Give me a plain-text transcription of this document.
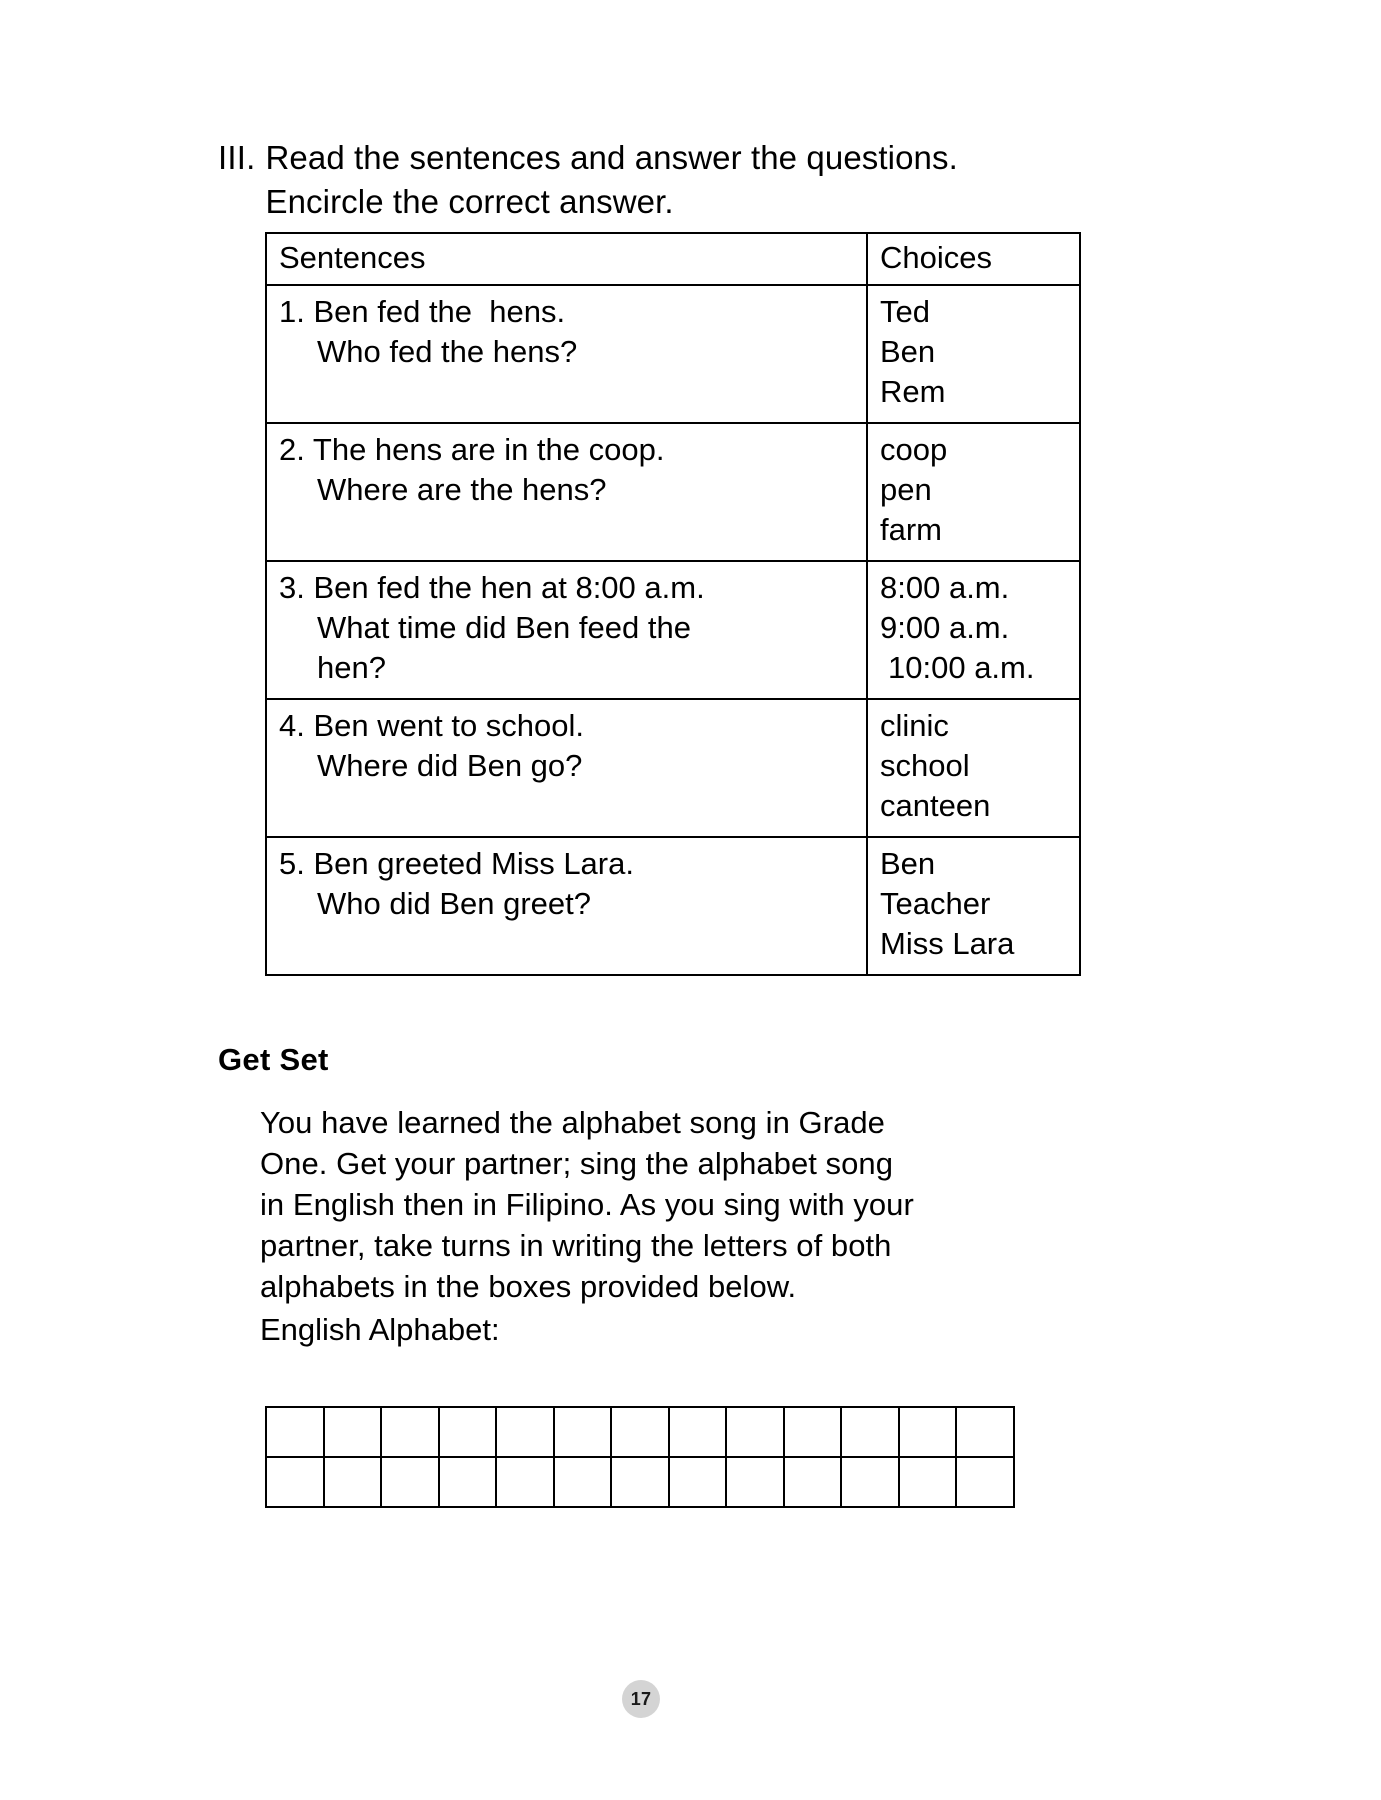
III. Read the sentences and answer the questions.
Encircle the correct answer.
Sentences	Choices

1. Ben fed the  hens.
Who fed the hens?	Ted
Ben
Rem

2. The hens are in the coop.
Where are the hens?	coop
pen
farm

3. Ben fed the hen at 8:00 a.m.
What time did Ben feed the
hen?	8:00 a.m.
9:00 a.m.
10:00 a.m.

4. Ben went to school.
Where did Ben go?	clinic
school
canteen

5. Ben greeted Miss Lara.
Who did Ben greet?	Ben
Teacher
Miss Lara
Get Set
You have learned the alphabet song in Grade
One. Get your partner; sing the alphabet song
in English then in Filipino. As you sing with your
partner, take turns in writing the letters of both
alphabets in the boxes provided below.
English Alphabet:

17
